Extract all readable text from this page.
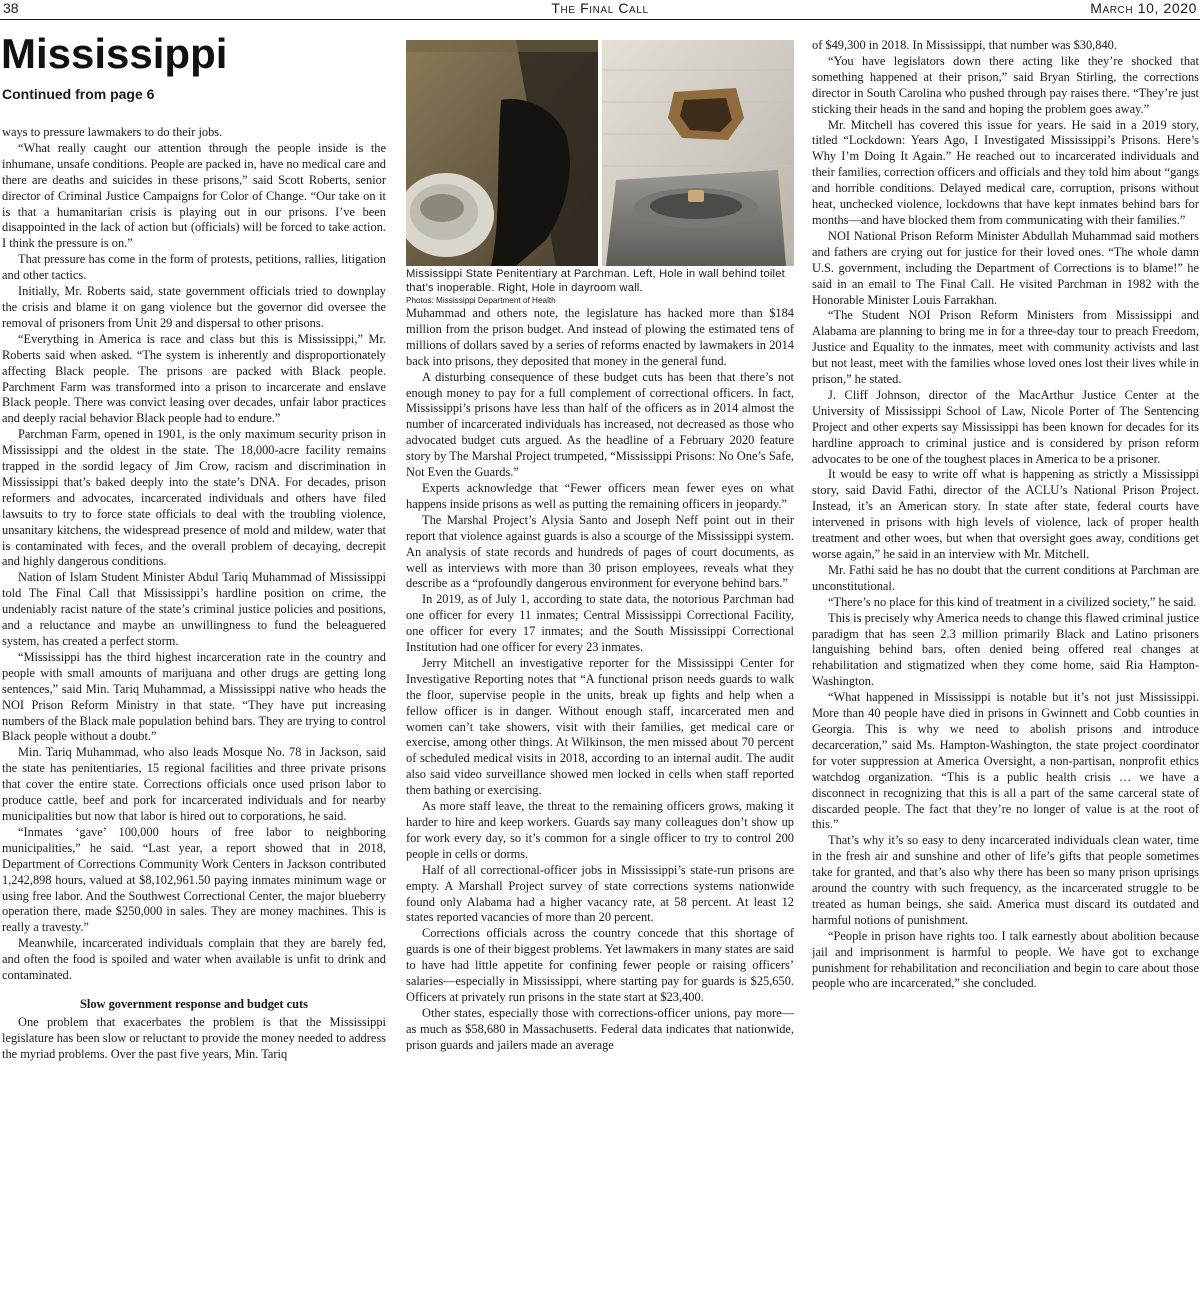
38	The Final Call	March 10, 2020
Mississippi
Continued from page 6

ways to pressure lawmakers to do their jobs.

“What really caught our attention through the people inside is the inhumane, unsafe conditions. People are packed in, have no medical care and there are deaths and suicides in these prisons,” said Scott Roberts, senior director of Criminal Justice Campaigns for Color of Change. “Our take on it is that a humanitarian crisis is playing out in our prisons. I’ve been disappointed in the lack of action but (officials) will be forced to take action. I think the pressure is on.”

That pressure has come in the form of protests, petitions, rallies, litigation and other tactics.

Initially, Mr. Roberts said, state government officials tried to downplay the crisis and blame it on gang violence but the governor did oversee the removal of prisoners from Unit 29 and dispersal to other prisons.

“Everything in America is race and class but this is Mississippi,” Mr. Roberts said when asked. “The system is inherently and disproportionately affecting Black people. The prisons are packed with Black people. Parchment Farm was transformed into a prison to incarcerate and enslave Black people. There was convict leasing over decades, unfair labor practices and deeply racial behavior Black people had to endure.”

Parchman Farm, opened in 1901, is the only maximum security prison in Mississippi and the oldest in the state. The 18,000-acre facility remains trapped in the sordid legacy of Jim Crow, racism and discrimination in Mississippi that’s baked deeply into the state’s DNA. For decades, prison reformers and advocates, incarcerated individuals and others have filed lawsuits to try to force state officials to deal with the troubling violence, unsanitary kitchens, the widespread presence of mold and mildew, water that is contaminated with feces, and the overall problem of decaying, decrepit and highly dangerous conditions.

Nation of Islam Student Minister Abdul Tariq Muhammad of Mississippi told The Final Call that Mississippi’s hardline position on crime, the undeniably racist nature of the state’s criminal justice policies and positions, and a reluctance and maybe an unwillingness to fund the beleaguered system, has created a perfect storm.

“Mississippi has the third highest incarceration rate in the country and people with small amounts of marijuana and other drugs are getting long sentences,” said Min. Tariq Muhammad, a Mississippi native who heads the NOI Prison Reform Ministry in that state. “They have put increasing numbers of the Black male population behind bars. They are trying to control Black people without a doubt.”

Min. Tariq Muhammad, who also leads Mosque No. 78 in Jackson, said the state has penitentiaries, 15 regional facilities and three private prisons that cover the entire state. Corrections officials once used prison labor to produce cattle, beef and pork for incarcerated individuals and for nearby municipalities but now that labor is hired out to corporations, he said.

“Inmates ‘gave’ 100,000 hours of free labor to neighboring municipalities,” he said. “Last year, a report showed that in 2018, Department of Corrections Community Work Centers in Jackson contributed 1,242,898 hours, valued at $8,102,961.50 paying inmates minimum wage or using free labor. And the Southwest Correctional Center, the major blueberry operation there, made $250,000 in sales. They are money machines. This is really a travesty.”

Meanwhile, incarcerated individuals complain that they are barely fed, and often the food is spoiled and water when available is unfit to drink and contaminated.

Slow government response and budget cuts

One problem that exacerbates the problem is that the Mississippi legislature has been slow or reluctant to provide the money needed to address the myriad problems. Over the past five years, Min. Tariq

Mississippi State Penitentiary at Parchman. Left, Hole in wall behind toilet that’s inoperable. Right, Hole in dayroom wall.
Photos: Mississippi Department of Health

Muhammad and others note, the legislature has hacked more than $184 million from the prison budget. And instead of plowing the estimated tens of millions of dollars saved by a series of reforms enacted by lawmakers in 2014 back into prisons, they deposited that money in the general fund.

A disturbing consequence of these budget cuts has been that there’s not enough money to pay for a full complement of correctional officers. In fact, Mississippi’s prisons have less than half of the officers as in 2014 almost the number of incarcerated individuals has increased, not decreased as those who advocated budget cuts argued. As the headline of a February 2020 feature story by The Marshal Project trumpeted, “Mississippi Prisons: No One’s Safe, Not Even the Guards.”

Experts acknowledge that “Fewer officers mean fewer eyes on what happens inside prisons as well as putting the remaining officers in jeopardy.”

The Marshal Project’s Alysia Santo and Joseph Neff point out in their report that violence against guards is also a scourge of the Mississippi system. An analysis of state records and hundreds of pages of court documents, as well as interviews with more than 30 prison employees, reveals what they describe as a “profoundly dangerous environment for everyone behind bars.”

In 2019, as of July 1, according to state data, the notorious Parchman had one officer for every 11 inmates; Central Mississippi Correctional Facility, one officer for every 17 inmates; and the South Mississippi Correctional Institution had one officer for every 23 inmates.

Jerry Mitchell an investigative reporter for the Mississippi Center for Investigative Reporting notes that “A functional prison needs guards to walk the floor, supervise people in the units, break up fights and help when a fellow officer is in danger. Without enough staff, incarcerated men and women can’t take showers, visit with their families, get medical care or exercise, among other things. At Wilkinson, the men missed about 70 percent of scheduled medical visits in 2018, according to an internal audit. The audit also said video surveillance showed men locked in cells when staff reported them bathing or exercising.

As more staff leave, the threat to the remaining officers grows, making it harder to hire and keep workers. Guards say many colleagues don’t show up for work every day, so it’s common for a single officer to try to control 200 people in cells or dorms.

Half of all correctional-officer jobs in Mississippi’s state-run prisons are empty. A Marshall Project survey of state corrections systems nationwide found only Alabama had a higher vacancy rate, at 58 percent. At least 12 states reported vacancies of more than 20 percent.

Corrections officials across the country concede that this shortage of guards is one of their biggest problems. Yet lawmakers in many states are said to have had little appetite for confining fewer people or raising officers’ salaries—especially in Mississippi, where starting pay for guards is $25,650. Officers at privately run prisons in the state start at $23,400.

Other states, especially those with corrections-officer unions, pay more—as much as $58,680 in Massachusetts. Federal data indicates that nationwide, prison guards and jailers made an average

of $49,300 in 2018. In Mississippi, that number was $30,840.

“You have legislators down there acting like they’re shocked that something happened at their prison,” said Bryan Stirling, the corrections director in South Carolina who pushed through pay raises there. “They’re just sticking their heads in the sand and hoping the problem goes away.”

Mr. Mitchell has covered this issue for years. He said in a 2019 story, titled “Lockdown: Years Ago, I Investigated Mississippi’s Prisons. Here’s Why I’m Doing It Again.” He reached out to incarcerated individuals and their families, correction officers and officials and they told him about “gangs and horrible conditions. Delayed medical care, corruption, prisons without heat, unchecked violence, lockdowns that have kept inmates behind bars for months—and have blocked them from communicating with their families.”

NOI National Prison Reform Minister Abdullah Muhammad said mothers and fathers are crying out for justice for their loved ones. “The whole damn U.S. government, including the Department of Corrections is to blame!” he said in an email to The Final Call. He visited Parchman in 1982 with the Honorable Minister Louis Farrakhan.

“The Student NOI Prison Reform Ministers from Mississippi and Alabama are planning to bring me in for a three-day tour to preach Freedom, Justice and Equality to the inmates, meet with community activists and last but not least, meet with the families whose loved ones lost their lives while in prison,” he stated.

J. Cliff Johnson, director of the MacArthur Justice Center at the University of Mississippi School of Law, Nicole Porter of The Sentencing Project and other experts say Mississippi has been known for decades for its hardline approach to criminal justice and is considered by prison reform advocates to be one of the toughest places in America to be a prisoner.

It would be easy to write off what is happening as strictly a Mississippi story, said David Fathi, director of the ACLU’s National Prison Project. Instead, it’s an American story. In state after state, federal courts have intervened in prisons with high levels of violence, lack of proper health treatment and other woes, but when that oversight goes away, conditions get worse again,” he said in an interview with Mr. Mitchell.

Mr. Fathi said he has no doubt that the current conditions at Parchman are unconstitutional.

“There’s no place for this kind of treatment in a civilized society,” he said.

This is precisely why America needs to change this flawed criminal justice paradigm that has seen 2.3 million primarily Black and Latino prisoners languishing behind bars, often denied being offered real changes at rehabilitation and stigmatized when they come home, said Ria Hampton-Washington.

“What happened in Mississippi is notable but it’s not just Mississippi. More than 40 people have died in prisons in Gwinnett and Cobb counties in Georgia. This is why we need to abolish prisons and introduce decarceration,” said Ms. Hampton-Washington, the state project coordinator for voter suppression at America Oversight, a non-partisan, nonprofit ethics watchdog organization. “This is a public health crisis … we have a disconnect in recognizing that this is all a part of the same carceral state of discarded people. The fact that they’re no longer of value is at the root of this.”

That’s why it’s so easy to deny incarcerated individuals clean water, time in the fresh air and sunshine and other of life’s gifts that people sometimes take for granted, and that’s also why there has been so many prison uprisings around the country with such frequency, as the incarcerated struggle to be treated as human beings, she said. America must discard its outdated and harmful notions of punishment.

“People in prison have rights too. I talk earnestly about abolition because jail and imprisonment is harmful to people. We have got to exchange punishment for rehabilitation and reconciliation and begin to care about those people who are incarcerated,” she concluded.
